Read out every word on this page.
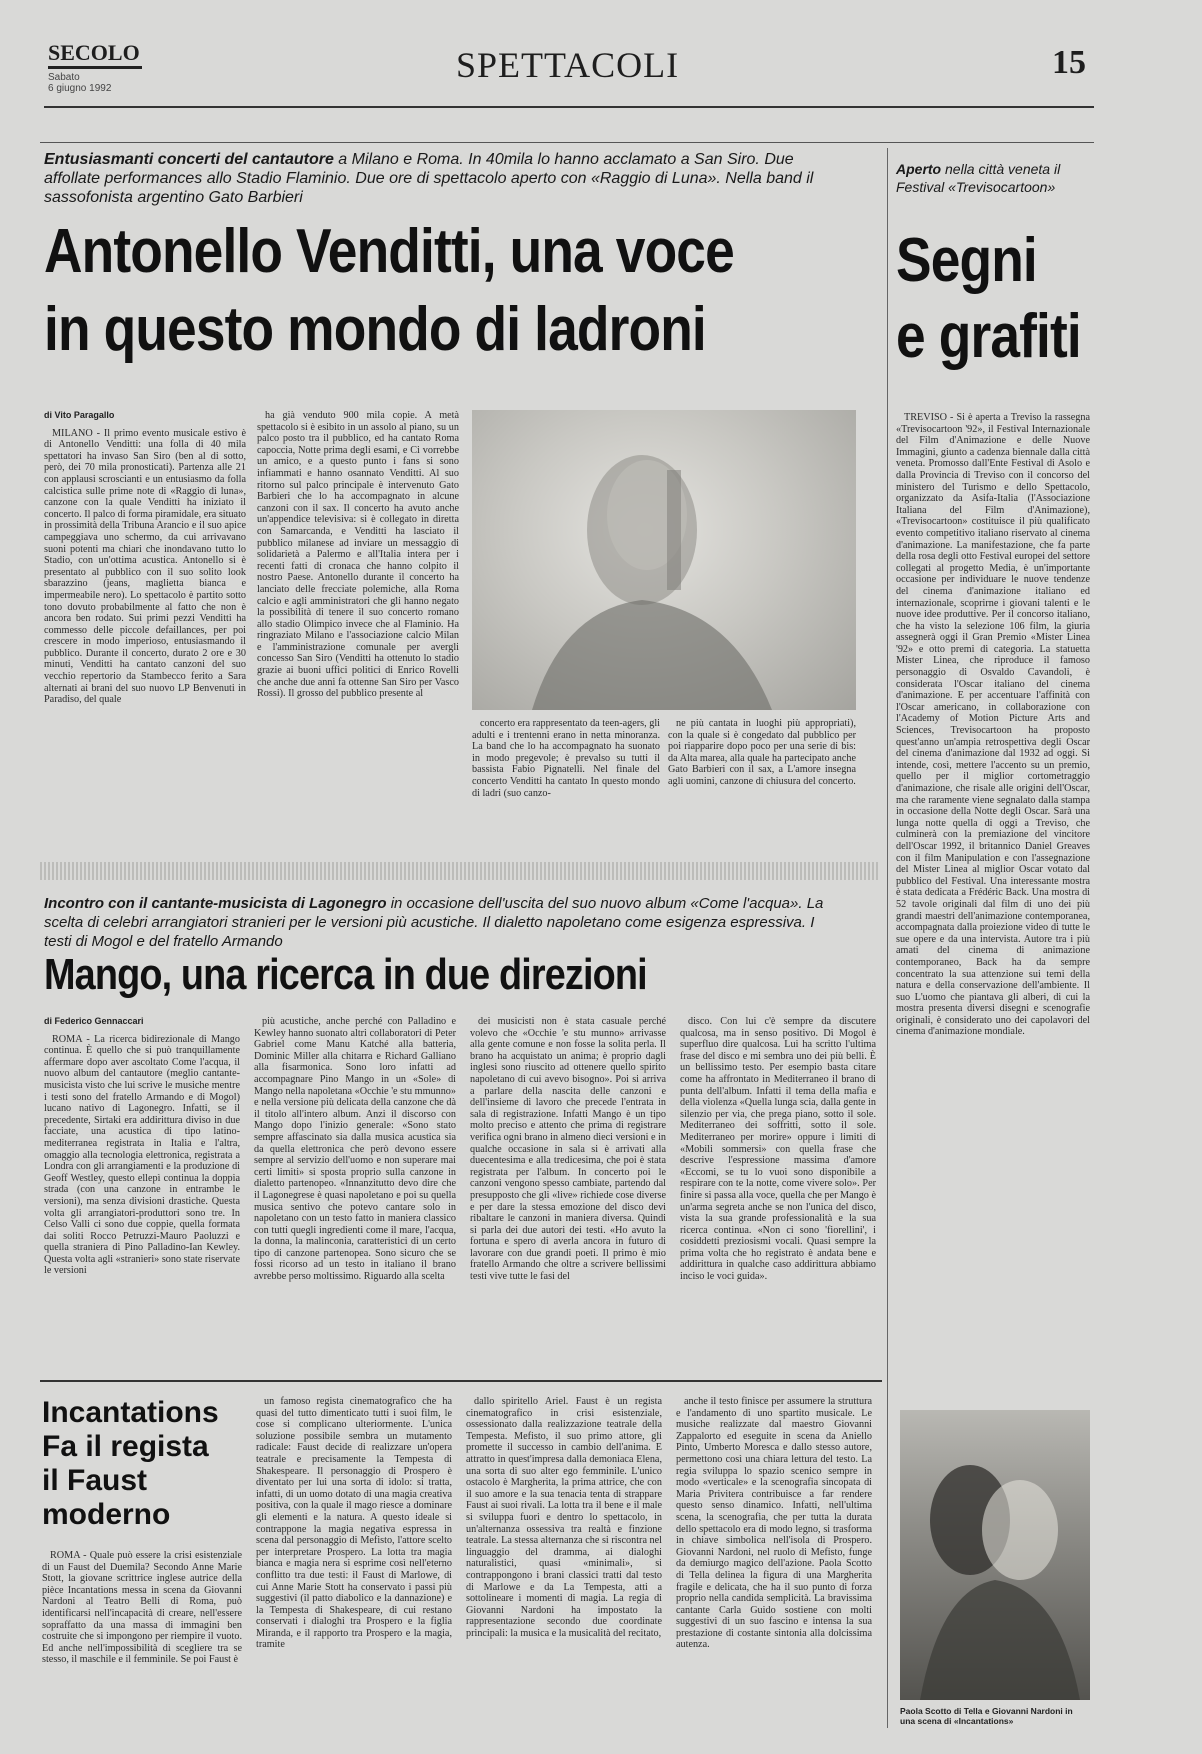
SECOLO
Sabato
6 giugno 1992
SPETTACOLI	15
Entusiasmanti concerti del cantautore a Milano e Roma. In 40mila lo hanno acclamato a San Siro. Due affollate performances allo Stadio Flaminio. Due ore di spettacolo aperto con «Raggio di Luna». Nella band il sassofonista argentino Gato Barbieri
Antonello Venditti, una voce
in questo mondo di ladroni
di Vito Paragallo

MILANO - Il primo evento musicale estivo è di Antonello Venditti: una folla di 40 mila spettatori ha invaso San Siro (ben al di sotto, però, dei 70 mila pronosticati). Partenza alle 21 con applausi scroscianti e un entusiasmo da folla calcistica sulle prime note di «Raggio di luna», canzone con la quale Venditti ha iniziato il concerto. Il palco di forma piramidale, era situato in prossimità della Tribuna Arancio e il suo apice campeggiava uno schermo, da cui arrivavano suoni potenti ma chiari che inondavano tutto lo Stadio, con un'ottima acustica. Antonello si è presentato al pubblico con il suo solito look sbarazzino (jeans, maglietta bianca e impermeabile nero). Lo spettacolo è partito sotto tono dovuto probabilmente al fatto che non è ancora ben rodato. Sui primi pezzi Venditti ha commesso delle piccole defaillances, per poi crescere in modo imperioso, entusiasmando il pubblico. Durante il concerto, durato 2 ore e 30 minuti, Venditti ha cantato canzoni del suo vecchio repertorio da Stambecco ferito a Sara alternati ai brani del suo nuovo LP Benvenuti in Paradiso, del quale

ha già venduto 900 mila copie. A metà spettacolo si è esibito in un assolo al piano, su un palco posto tra il pubblico, ed ha cantato Roma capoccia, Notte prima degli esami, e Ci vorrebbe un amico, e a questo punto i fans si sono infiammati e hanno osannato Venditti. Al suo ritorno sul palco principale è intervenuto Gato Barbieri che lo ha accompagnato in alcune canzoni con il sax. Il concerto ha avuto anche un'appendice televisiva: si è collegato in diretta con Samarcanda, e Venditti ha lasciato il pubblico milanese ad inviare un messaggio di solidarietà a Palermo e all'Italia intera per i recenti fatti di cronaca che hanno colpito il nostro Paese. Antonello durante il concerto ha lanciato delle frecciate polemiche, alla Roma calcio e agli amministratori che gli hanno negato la possibilità di tenere il suo concerto romano allo stadio Olimpico invece che al Flaminio. Ha ringraziato Milano e l'associazione calcio Milan e l'amministrazione comunale per avergli concesso San Siro (Venditti ha ottenuto lo stadio grazie ai buoni uffici politici di Enrico Rovelli che anche due anni fa ottenne San Siro per Vasco Rossi). Il grosso del pubblico presente al

concerto era rappresentato da teen-agers, gli adulti e i trentenni erano in netta minoranza. La band che lo ha accompagnato ha suonato in modo pregevole; è prevalso su tutti il bassista Fabio Pignatelli. Nel finale del concerto Venditti ha cantato In questo mondo di ladri (suo canzo-

ne più cantata in luoghi più appropriati), con la quale si è congedato dal pubblico per poi riapparire dopo poco per una serie di bis: da Alta marea, alla quale ha partecipato anche Gato Barbieri con il sax, a L'amore insegna agli uomini, canzone di chiusura del concerto.

Aperto nella città veneta il Festival «Trevisocartoon»
Segni
e grafiti

TREVISO - Si è aperta a Treviso la rassegna «Trevisocartoon '92», il Festival Internazionale del Film d'Animazione e delle Nuove Immagini, giunto a cadenza biennale dalla città veneta. Promosso dall'Ente Festival di Asolo e dalla Provincia di Treviso con il concorso del ministero del Turismo e dello Spettacolo, organizzato da Asifa-Italia (l'Associazione Italiana del Film d'Animazione), «Trevisocartoon» costituisce il più qualificato evento competitivo italiano riservato al cinema d'animazione. La manifestazione, che fa parte della rosa degli otto Festival europei del settore collegati al progetto Media, è un'importante occasione per individuare le nuove tendenze del cinema d'animazione italiano ed internazionale, scoprirne i giovani talenti e le nuove idee produttive. Per il concorso italiano, che ha visto la selezione 106 film, la giuria assegnerà oggi il Gran Premio «Mister Linea '92» e otto premi di categoria. La statuetta Mister Linea, che riproduce il famoso personaggio di Osvaldo Cavandoli, è considerata l'Oscar italiano del cinema d'animazione. E per accentuare l'affinità con l'Oscar americano, in collaborazione con l'Academy of Motion Picture Arts and Sciences, Trevisocartoon ha proposto quest'anno un'ampia retrospettiva degli Oscar del cinema d'animazione dal 1932 ad oggi. Si intende, così, mettere l'accento su un premio, quello per il miglior cortometraggio d'animazione, che risale alle origini dell'Oscar, ma che raramente viene segnalato dalla stampa in occasione della Notte degli Oscar. Sarà una lunga notte quella di oggi a Treviso, che culminerà con la premiazione del vincitore dell'Oscar 1992, il britannico Daniel Greaves con il film Manipulation e con l'assegnazione del Mister Linea al miglior Oscar votato dal pubblico del Festival. Una interessante mostra è stata dedicata a Frédéric Back. Una mostra di 52 tavole originali dal film di uno dei più grandi maestri dell'animazione contemporanea, accompagnata dalla proiezione video di tutte le sue opere e da una intervista. Autore tra i più amati del cinema di animazione contemporaneo, Back ha da sempre concentrato la sua attenzione sui temi della natura e della conservazione dell'ambiente. Il suo L'uomo che piantava gli alberi, di cui la mostra presenta diversi disegni e scenografie originali, è considerato uno dei capolavori del cinema d'animazione mondiale.

Incontro con il cantante-musicista di Lagonegro in occasione dell'uscita del suo nuovo album «Come l'acqua». La scelta di celebri arrangiatori stranieri per le versioni più acustiche. Il dialetto napoletano come esigenza espressiva. I testi di Mogol e del fratello Armando
Mango, una ricerca in due direzioni
di Federico Gennaccari

ROMA - La ricerca bidirezionale di Mango continua. È quello che si può tranquillamente affermare dopo aver ascoltato Come l'acqua, il nuovo album del cantautore (meglio cantante-musicista visto che lui scrive le musiche mentre i testi sono del fratello Armando e di Mogol) lucano nativo di Lagonegro. Infatti, se il precedente, Sirtaki era addirittura diviso in due facciate, una acustica di tipo latino-mediterranea registrata in Italia e l'altra, omaggio alla tecnologia elettronica, registrata a Londra con gli arrangiamenti e la produzione di Geoff Westley, questo ellepì continua la doppia strada (con una canzone in entrambe le versioni), ma senza divisioni drastiche. Questa volta gli arrangiatori-produttori sono tre. In Celso Valli ci sono due coppie, quella formata dai soliti Rocco Petruzzi-Mauro Paoluzzi e quella straniera di Pino Palladino-Ian Kewley. Questa volta agli «stranieri» sono state riservate le versioni

più acustiche, anche perché con Palladino e Kewley hanno suonato altri collaboratori di Peter Gabriel come Manu Katché alla batteria, Dominic Miller alla chitarra e Richard Galliano alla fisarmonica. Sono loro infatti ad accompagnare Pino Mango in un «Sole» di Mango nella napoletana «Occhie 'e stu mmunno» e nella versione più delicata della canzone che dà il titolo all'intero album. Anzi il discorso con Mango dopo l'inizio generale: «Sono stato sempre affascinato sia dalla musica acustica sia da quella elettronica che però devono essere sempre al servizio dell'uomo e non superare mai certi limiti» si sposta proprio sulla canzone in dialetto partenopeo. «Innanzitutto devo dire che il Lagonegrese è quasi napoletano e poi su quella musica sentivo che potevo cantare solo in napoletano con un testo fatto in maniera classico con tutti quegli ingredienti come il mare, l'acqua, la donna, la malinconia, caratteristici di un certo tipo di canzone partenopea. Sono sicuro che se fossi ricorso ad un testo in italiano il brano avrebbe perso moltissimo. Riguardo alla scelta

dei musicisti non è stata casuale perché volevo che «Occhie 'e stu munno» arrivasse alla gente comune e non fosse la solita perla. Il brano ha acquistato un anima; è proprio dagli inglesi sono riuscito ad ottenere quello spirito napoletano di cui avevo bisogno». Poi si arriva a parlare della nascita delle canzoni e dell'insieme di lavoro che precede l'entrata in sala di registrazione. Infatti Mango è un tipo molto preciso e attento che prima di registrare verifica ogni brano in almeno dieci versioni e in qualche occasione in sala si è arrivati alla duecentesima e alla tredicesima, che poi è stata registrata per l'album. In concerto poi le canzoni vengono spesso cambiate, partendo dal presupposto che gli «live» richiede cose diverse e per dare la stessa emozione del disco devi ribaltare le canzoni in maniera diversa. Quindi si parla dei due autori dei testi. «Ho avuto la fortuna e spero di averla ancora in futuro di lavorare con due grandi poeti. Il primo è mio fratello Armando che oltre a scrivere bellissimi testi vive tutte le fasi del

disco. Con lui c'è sempre da discutere qualcosa, ma in senso positivo. Di Mogol è superfluo dire qualcosa. Lui ha scritto l'ultima frase del disco e mi sembra uno dei più belli. È un bellissimo testo. Per esempio basta citare come ha affrontato in Mediterraneo il brano di punta dell'album. Infatti il tema della mafia e della violenza «Quella lunga scia, dalla gente in silenzio per via, che prega piano, sotto il sole. Mediterraneo dei soffritti, sotto il sole. Mediterraneo per morire» oppure i limiti di «Mobili sommersi» con quella frase che descrive l'espressione massima d'amore «Eccomi, se tu lo vuoi sono disponibile a respirare con te la notte, come vivere solo». Per finire si passa alla voce, quella che per Mango è un'arma segreta anche se non l'unica del disco, vista la sua grande professionalità e la sua ricerca continua. «Non ci sono 'fiorellini', i cosiddetti preziosismi vocali. Quasi sempre la prima volta che ho registrato è andata bene e addirittura in qualche caso addirittura abbiamo inciso le voci guida».

Incantations
Fa il regista
il Faust
moderno

ROMA - Quale può essere la crisi esistenziale di un Faust del Duemila? Secondo Anne Marie Stott, la giovane scrittrice inglese autrice della pièce Incantations messa in scena da Giovanni Nardoni al Teatro Belli di Roma, può identificarsi nell'incapacità di creare, nell'essere sopraffatto da una massa di immagini ben costruite che si impongono per riempire il vuoto. Ed anche nell'impossibilità di scegliere tra se stesso, il maschile e il femminile. Se poi Faust è

un famoso regista cinematografico che ha quasi del tutto dimenticato tutti i suoi film, le cose si complicano ulteriormente. L'unica soluzione possibile sembra un mutamento radicale: Faust decide di realizzare un'opera teatrale e precisamente la Tempesta di Shakespeare. Il personaggio di Prospero è diventato per lui una sorta di idolo: si tratta, infatti, di un uomo dotato di una magia creativa positiva, con la quale il mago riesce a dominare gli elementi e la natura. A questo ideale si contrappone la magia negativa espressa in scena dal personaggio di Mefisto, l'attore scelto per interpretare Prospero. La lotta tra magia bianca e magia nera si esprime così nell'eterno conflitto tra due testi: il Faust di Marlowe, di cui Anne Marie Stott ha conservato i passi più suggestivi (il patto diabolico e la dannazione) e la Tempesta di Shakespeare, di cui restano conservati i dialoghi tra Prospero e la figlia Miranda, e il rapporto tra Prospero e la magia, tramite

dallo spiritello Ariel. Faust è un regista cinematografico in crisi esistenziale, ossessionato dalla realizzazione teatrale della Tempesta. Mefisto, il suo primo attore, gli promette il successo in cambio dell'anima. E attratto in quest'impresa dalla demoniaca Elena, una sorta di suo alter ego femminile. L'unico ostacolo è Margherita, la prima attrice, che con il suo amore e la sua tenacia tenta di strappare Faust ai suoi rivali. La lotta tra il bene e il male si sviluppa fuori e dentro lo spettacolo, in un'alternanza ossessiva tra realtà e finzione teatrale. La stessa alternanza che si riscontra nel linguaggio del dramma, ai dialoghi naturalistici, quasi «minimali», si contrappongono i brani classici tratti dal testo di Marlowe e da La Tempesta, atti a sottolineare i momenti di magia. La regia di Giovanni Nardoni ha impostato la rappresentazione secondo due coordinate principali: la musica e la musicalità del recitato,

anche il testo finisce per assumere la struttura e l'andamento di uno spartito musicale. Le musiche realizzate dal maestro Giovanni Zappalorto ed eseguite in scena da Aniello Pinto, Umberto Moresca e dallo stesso autore, permettono così una chiara lettura del testo. La regia sviluppa lo spazio scenico sempre in modo «verticale» e la scenografia sincopata di Maria Privitera contribuisce a far rendere questo senso dinamico. Infatti, nell'ultima scena, la scenografia, che per tutta la durata dello spettacolo era di modo legno, si trasforma in chiave simbolica nell'isola di Prospero. Giovanni Nardoni, nel ruolo di Mefisto, funge da demiurgo magico dell'azione. Paola Scotto di Tella delinea la figura di una Margherita fragile e delicata, che ha il suo punto di forza proprio nella candida semplicità. La bravissima cantante Carla Guido sostiene con molti suggestivi di un suo fascino e intensa la sua prestazione di costante sintonia alla dolcissima autenza.

Paola Scotto di Tella e Giovanni Nardoni in una scena di «Incantations»
